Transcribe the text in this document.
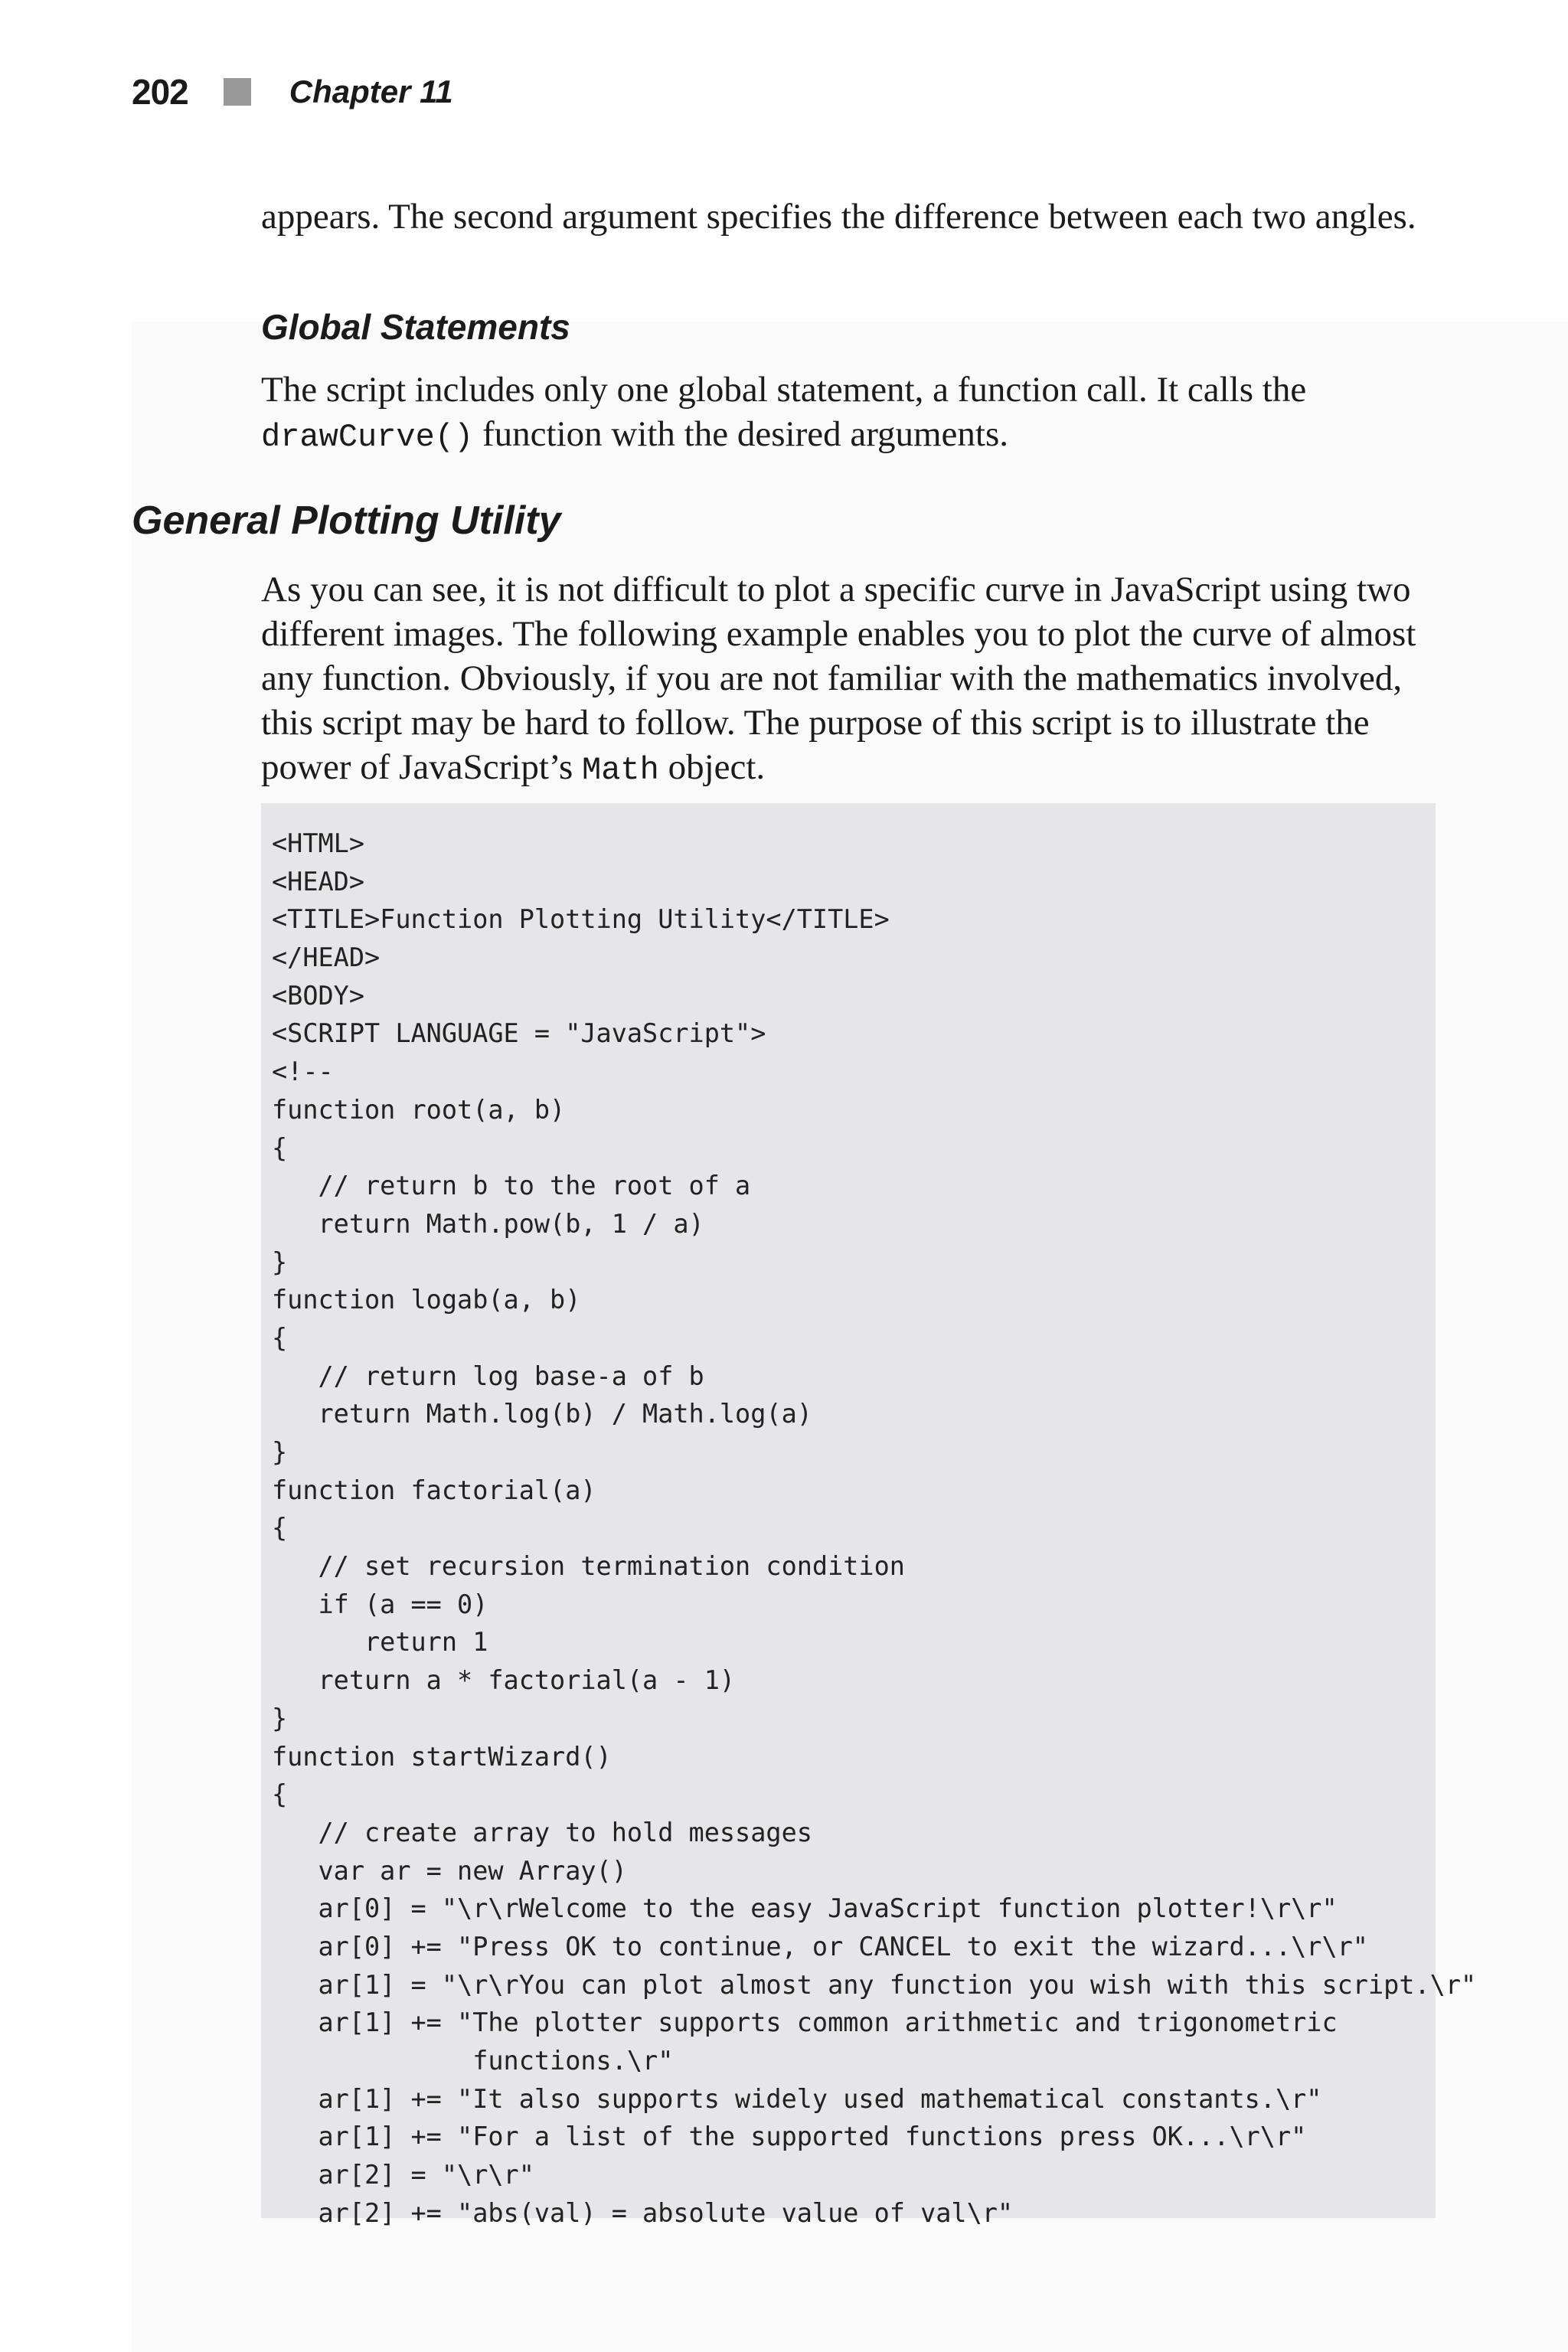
202	Chapter 11

appears. The second argument specifies the difference between each two angles.

Global Statements

The script includes only one global statement, a function call. It calls the drawCurve() function with the desired arguments.

General Plotting Utility

As you can see, it is not difficult to plot a specific curve in JavaScript using two different images. The following example enables you to plot the curve of almost any function. Obviously, if you are not familiar with the mathematics involved, this script may be hard to follow. The purpose of this script is to illustrate the power of JavaScript’s Math object.

<HTML>
<HEAD>
<TITLE>Function Plotting Utility</TITLE>
</HEAD>
<BODY>
<SCRIPT LANGUAGE = "JavaScript">
<!--
function root(a, b)
{
// return b to the root of a
return Math.pow(b, 1 / a)
}
function logab(a, b)
{
// return log base-a of b
return Math.log(b) / Math.log(a)
}
function factorial(a)
{
// set recursion termination condition
if (a == 0)
return 1
return a * factorial(a - 1)
}
function startWizard()
{
// create array to hold messages
var ar = new Array()
ar[0] = "\r\rWelcome to the easy JavaScript function plotter!\r\r"
ar[0] += "Press OK to continue, or CANCEL to exit the wizard...\r\r"
ar[1] = "\r\rYou can plot almost any function you wish with this script.\r"
ar[1] += "The plotter supports common arithmetic and trigonometric
functions.\r"
ar[1] += "It also supports widely used mathematical constants.\r"
ar[1] += "For a list of the supported functions press OK...\r\r"
ar[2] = "\r\r"
ar[2] += "abs(val) = absolute value of val\r"
